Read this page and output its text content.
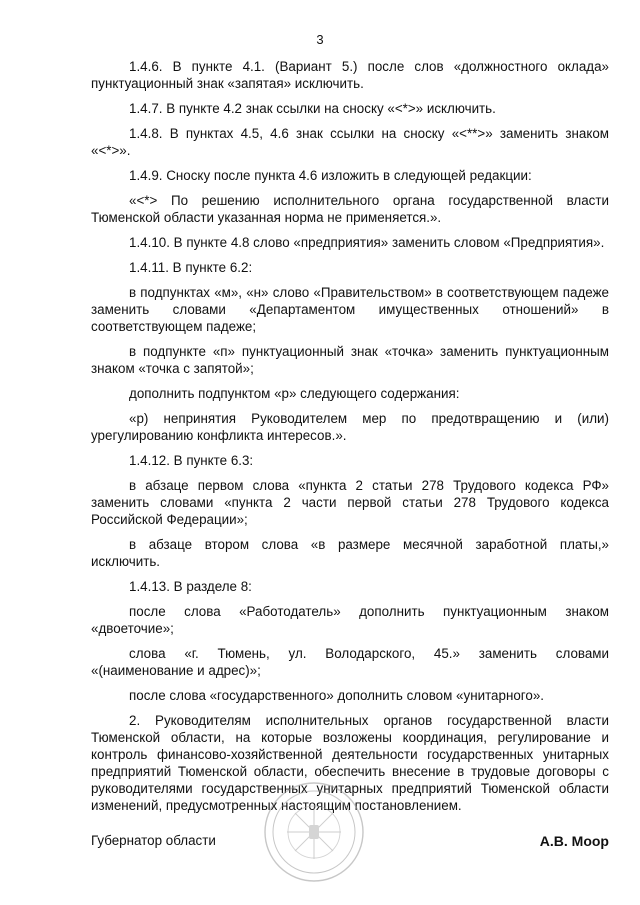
3

1.4.6. В пункте 4.1. (Вариант 5.) после слов «должностного оклада» пунктуационный знак «запятая» исключить.

1.4.7. В пункте 4.2 знак ссылки на сноску «<*>» исключить.

1.4.8. В пунктах 4.5, 4.6 знак ссылки на сноску «<**>» заменить знаком «<*>».

1.4.9. Сноску после пункта 4.6 изложить в следующей редакции:

«<*> По решению исполнительного органа государственной власти Тюменской области указанная норма не применяется.».

1.4.10. В пункте 4.8 слово «предприятия» заменить словом «Предприятия».

1.4.11. В пункте 6.2:

в подпунктах «м», «н» слово «Правительством» в соответствующем падеже заменить словами «Департаментом имущественных отношений» в соответствующем падеже;

в подпункте «п» пунктуационный знак «точка» заменить пунктуационным знаком «точка с запятой»;

дополнить подпунктом «р» следующего содержания:

«р) непринятия Руководителем мер по предотвращению и (или) урегулированию конфликта интересов.».

1.4.12. В пункте 6.3:

в абзаце первом слова «пункта 2 статьи 278 Трудового кодекса РФ» заменить словами «пункта 2 части первой статьи 278 Трудового кодекса Российской Федерации»;

в абзаце втором слова «в размере месячной заработной платы,» исключить.

1.4.13. В разделе 8:

после слова «Работодатель» дополнить пунктуационным знаком «двоеточие»;

слова «г. Тюмень, ул. Володарского, 45.» заменить словами «(наименование и адрес)»;

после слова «государственного» дополнить словом «унитарного».

2. Руководителям исполнительных органов государственной власти Тюменской области, на которые возложены координация, регулирование и контроль финансово-хозяйственной деятельности государственных унитарных предприятий Тюменской области, обеспечить внесение в трудовые договоры с руководителями государственных унитарных предприятий Тюменской области изменений, предусмотренных настоящим постановлением.

Губернатор области	А.В. Моор
